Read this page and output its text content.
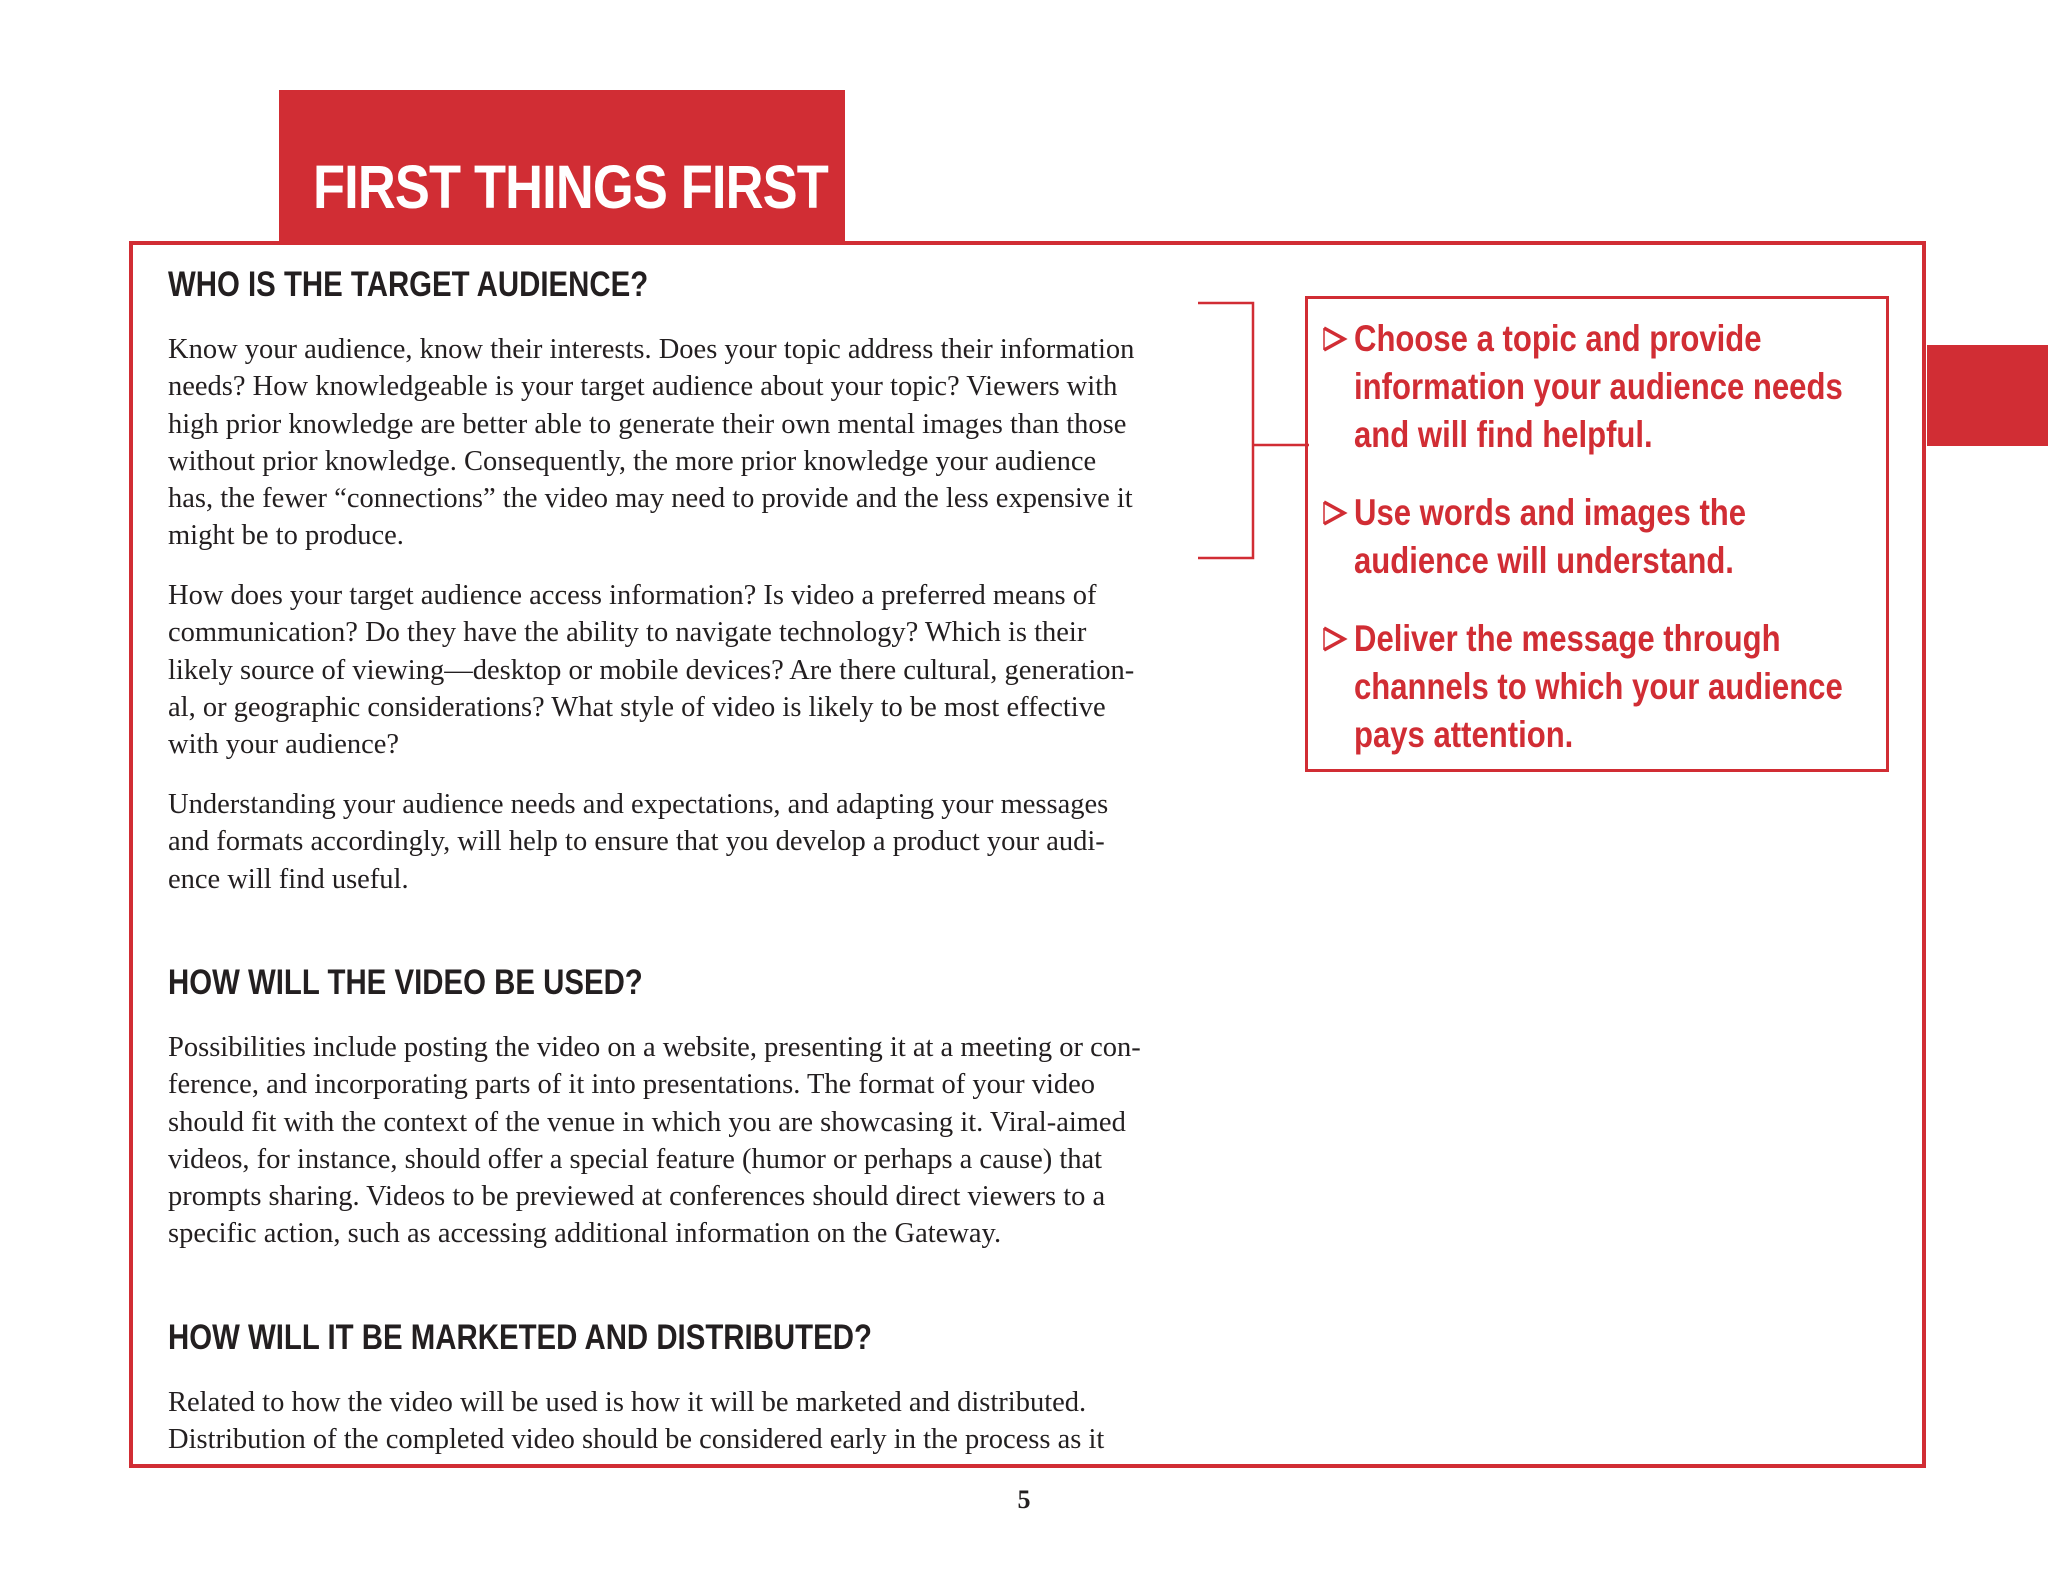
FIRST THINGS FIRST
WHO IS THE TARGET AUDIENCE?

Know your audience, know their interests. Does your topic address their information
needs? How knowledgeable is your target audience about your topic? Viewers with
high prior knowledge are better able to generate their own mental images than those
without prior knowledge. Consequently, the more prior knowledge your audience
has, the fewer “connections” the video may need to provide and the less expensive it
might be to produce.

How does your target audience access information? Is video a preferred means of
communication? Do they have the ability to navigate technology? Which is their
likely source of viewing—desktop or mobile devices? Are there cultural, generation-
al, or geographic considerations? What style of video is likely to be most effective
with your audience?

Understanding your audience needs and expectations, and adapting your messages
and formats accordingly, will help to ensure that you develop a product your audi-
ence will find useful.

HOW WILL THE VIDEO BE USED?

Possibilities include posting the video on a website, presenting it at a meeting or con-
ference, and incorporating parts of it into presentations. The format of your video
should fit with the context of the venue in which you are showcasing it. Viral-aimed
videos, for instance, should offer a special feature (humor or perhaps a cause) that
prompts sharing. Videos to be previewed at conferences should direct viewers to a
specific action, such as accessing additional information on the Gateway.

HOW WILL IT BE MARKETED AND DISTRIBUTED?

Related to how the video will be used is how it will be marketed and distributed.
Distribution of the completed video should be considered early in the process as it

Choose a topic and provide
information your audience needs
and will find helpful.
Use words and images the
audience will understand.
Deliver the message through
channels to which your audience
pays attention.

5
